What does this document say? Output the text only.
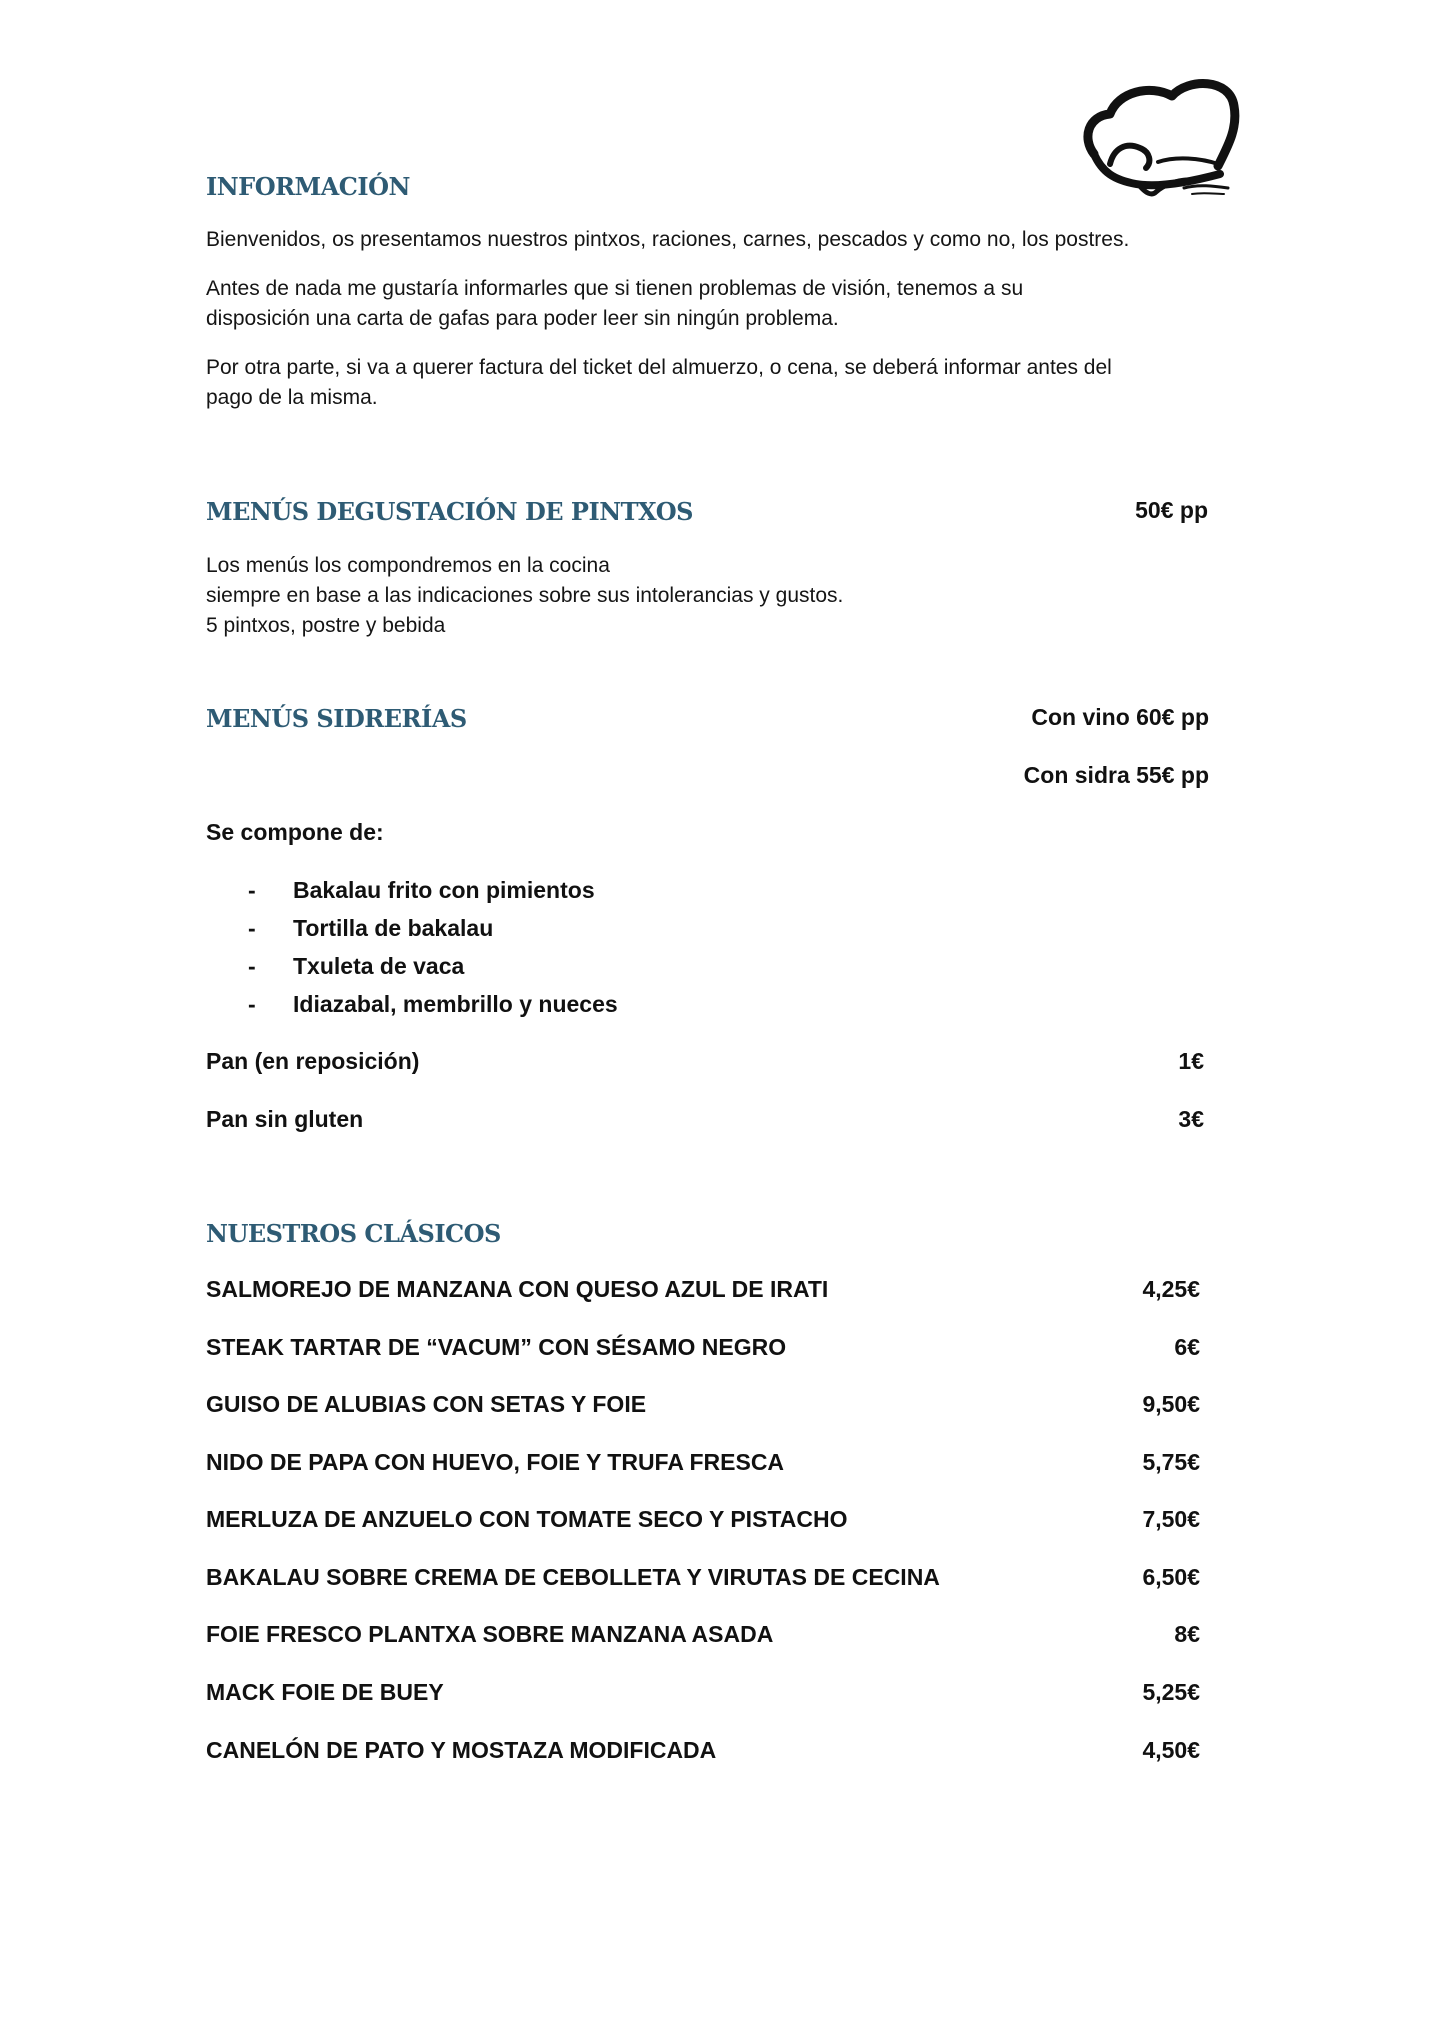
INFORMACIÓN
Bienvenidos, os presentamos nuestros pintxos, raciones, carnes, pescados y como no, los postres.
Antes de nada me gustaría informarles que si tienen problemas de visión, tenemos a su
disposición una carta de gafas para poder leer sin ningún problema.
Por otra parte, si va a querer factura del ticket del almuerzo, o cena, se deberá informar antes del
pago de la misma.
MENÚS DEGUSTACIÓN DE PINTXOS	50€ pp
Los menús los compondremos en la cocina
siempre en base a las indicaciones sobre sus intolerancias y gustos.
5 pintxos, postre y bebida
MENÚS SIDRERÍAS	Con vino 60€ pp
Con sidra 55€ pp
Se compone de:
- Bakalau frito con pimientos
- Tortilla de bakalau
- Txuleta de vaca
- Idiazabal, membrillo y nueces
Pan (en reposición)	1€
Pan sin gluten	3€
NUESTROS CLÁSICOS
SALMOREJO DE MANZANA CON QUESO AZUL DE IRATI	4,25€
STEAK TARTAR DE “VACUM” CON SÉSAMO NEGRO	6€
GUISO DE ALUBIAS CON SETAS Y FOIE	9,50€
NIDO DE PAPA CON HUEVO, FOIE Y TRUFA FRESCA	5,75€
MERLUZA DE ANZUELO CON TOMATE SECO Y PISTACHO	7,50€
BAKALAU SOBRE CREMA DE CEBOLLETA Y VIRUTAS DE CECINA	6,50€
FOIE FRESCO PLANTXA SOBRE MANZANA ASADA	8€
MACK FOIE DE BUEY	5,25€
CANELÓN DE PATO Y MOSTAZA MODIFICADA	4,50€
